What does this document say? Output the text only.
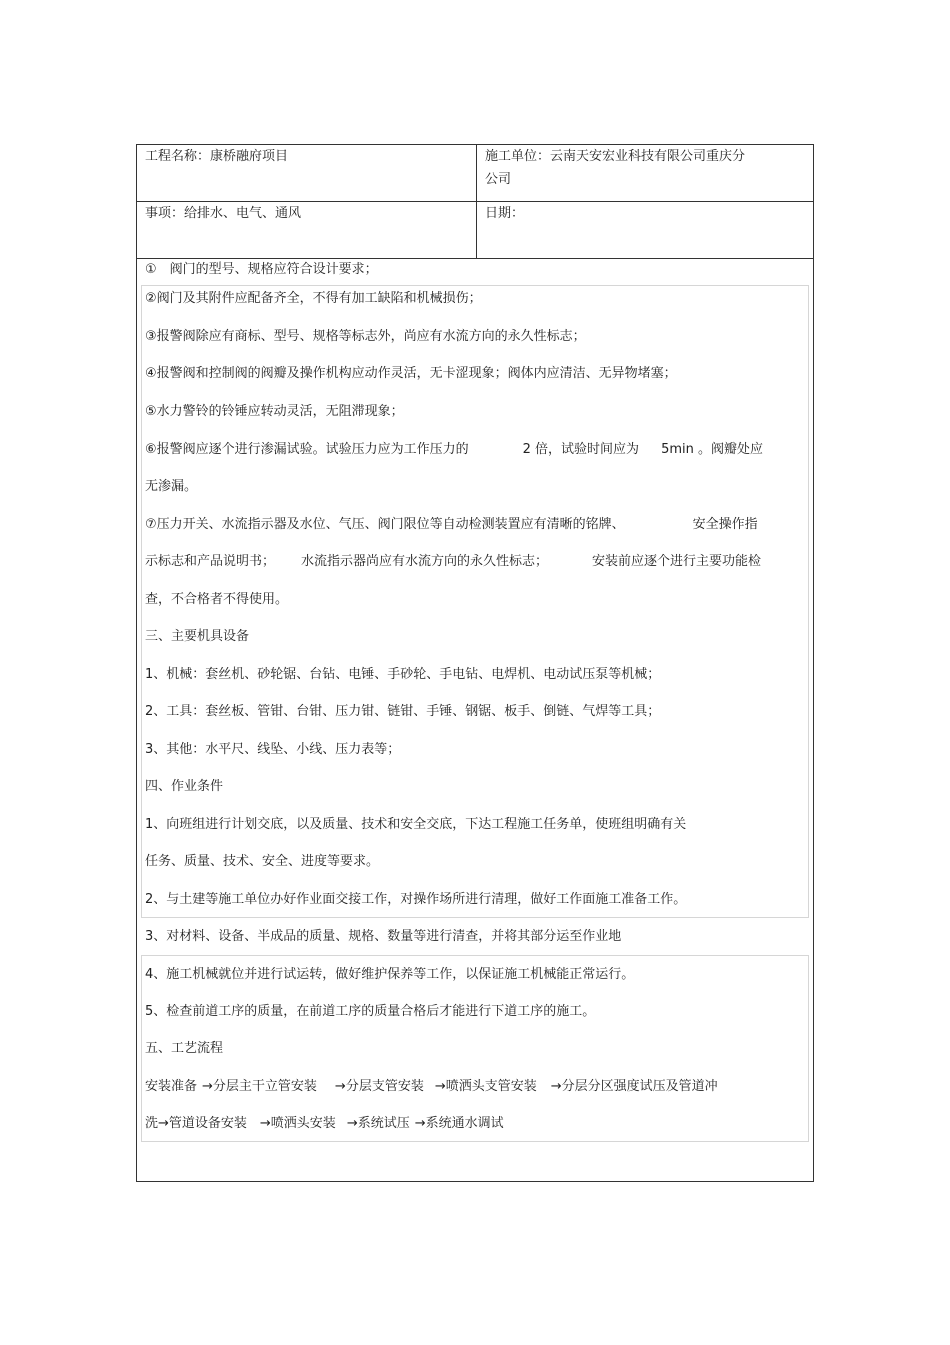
工程名称：康桥融府项目	施工单位：云南天安宏业科技有限公司重庆分
公司
事项：给排水、电气、通风	日期：
①　阀门的型号、规格应符合设计要求；
②阀门及其附件应配备齐全，不得有加工缺陷和机械损伤；
③报警阀除应有商标、型号、规格等标志外，尚应有水流方向的永久性标志；
④报警阀和控制阀的阀瓣及操作机构应动作灵活，无卡涩现象；阀体内应清洁、无异物堵塞；
⑤水力警铃的铃锤应转动灵活，无阻滞现象；
⑥报警阀应逐个进行渗漏试验。试验压力应为工作压力的	2 倍，试验时间应为 5min 。阀瓣处应
无渗漏。
⑦压力开关、水流指示器及水位、气压、阀门限位等自动检测装置应有清晰的铭牌、	安全操作指
示标志和产品说明书； 水流指示器尚应有水流方向的永久性标志；	安装前应逐个进行主要功能检
查，不合格者不得使用。
三、主要机具设备
1、机械：套丝机、砂轮锯、台钻、电锤、手砂轮、手电钻、电焊机、电动试压泵等机械；
2、工具：套丝板、管钳、台钳、压力钳、链钳、手锤、钢锯、板手、倒链、气焊等工具；
3、其他：水平尺、线坠、小线、压力表等；
四、作业条件
1、向班组进行计划交底，以及质量、技术和安全交底，下达工程施工任务单，使班组明确有关
任务、质量、技术、安全、进度等要求。
2、与土建等施工单位办好作业面交接工作，对操作场所进行清理，做好工作面施工准备工作。
3、对材料、设备、半成品的质量、规格、数量等进行清查，并将其部分运至作业地
4、施工机械就位并进行试运转，做好维护保养等工作，以保证施工机械能正常运行。
5、检查前道工序的质量，在前道工序的质量合格后才能进行下道工序的施工。
五、工艺流程
安装准备 →分层主干立管安装 →分层支管安装 →喷洒头支管安装 →分层分区强度试压及管道冲
洗→管道设备安装 →喷洒头安装 →系统试压 →系统通水调试
